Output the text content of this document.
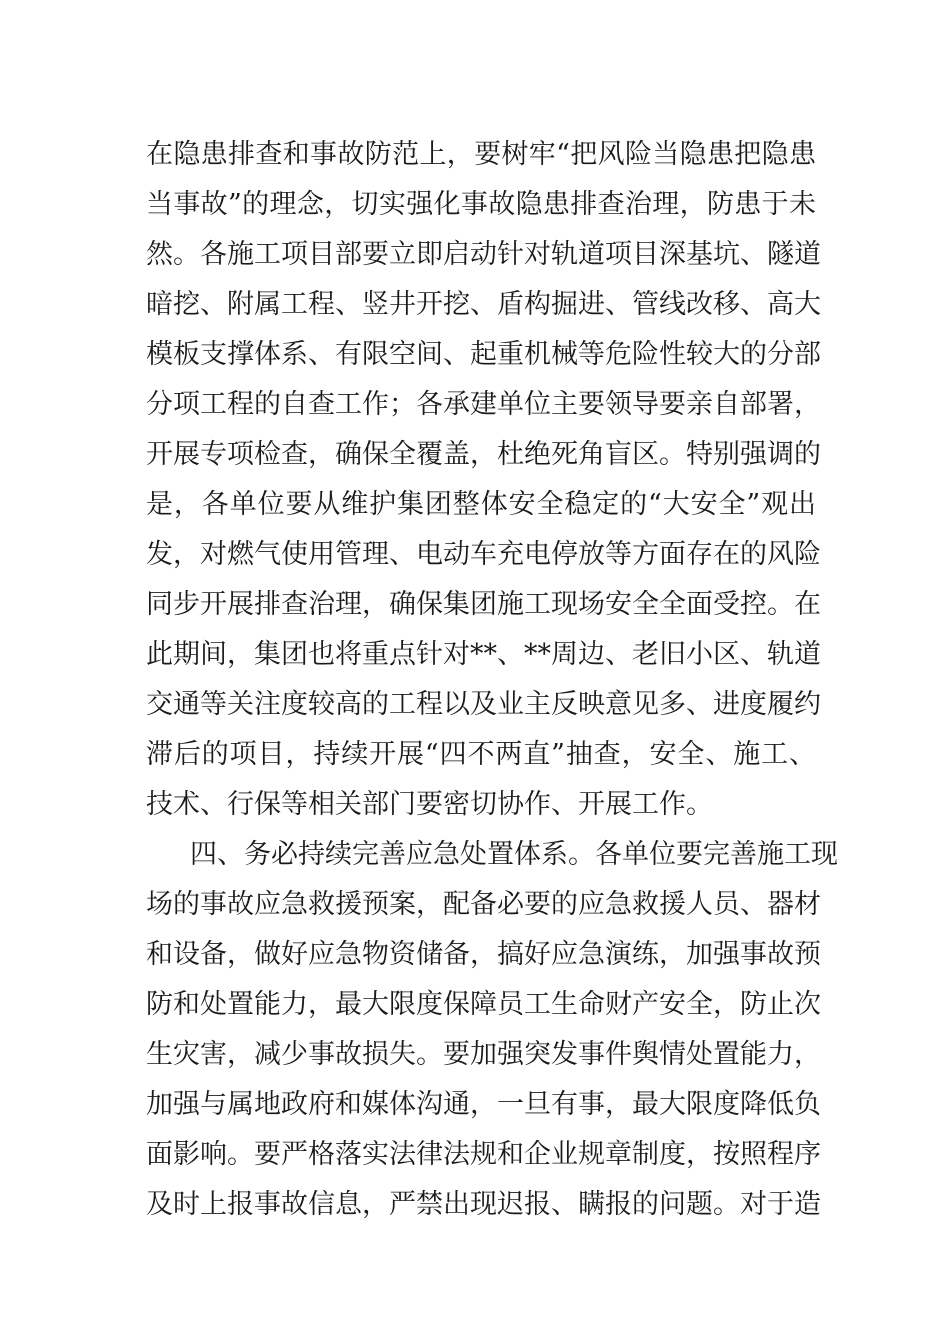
在隐患排查和事故防范上，要树牢“把风险当隐患把隐患
当事故”的理念，切实强化事故隐患排查治理，防患于未
然。各施工项目部要立即启动针对轨道项目深基坑、隧道
暗挖、附属工程、竖井开挖、盾构掘进、管线改移、高大
模板支撑体系、有限空间、起重机械等危险性较大的分部
分项工程的自查工作；各承建单位主要领导要亲自部署，
开展专项检查，确保全覆盖，杜绝死角盲区。特别强调的
是，各单位要从维护集团整体安全稳定的“大安全”观出
发，对燃气使用管理、电动车充电停放等方面存在的风险
同步开展排查治理，确保集团施工现场安全全面受控。在
此期间，集团也将重点针对**、**周边、老旧小区、轨道
交通等关注度较高的工程以及业主反映意见多、进度履约
滞后的项目，持续开展“四不两直”抽查，安全、施工、
技术、行保等相关部门要密切协作、开展工作。
四、务必持续完善应急处置体系。各单位要完善施工现
场的事故应急救援预案，配备必要的应急救援人员、器材
和设备，做好应急物资储备，搞好应急演练，加强事故预
防和处置能力，最大限度保障员工生命财产安全，防止次
生灾害，减少事故损失。要加强突发事件舆情处置能力，
加强与属地政府和媒体沟通，一旦有事，最大限度降低负
面影响。要严格落实法律法规和企业规章制度，按照程序
及时上报事故信息，严禁出现迟报、瞒报的问题。对于造
